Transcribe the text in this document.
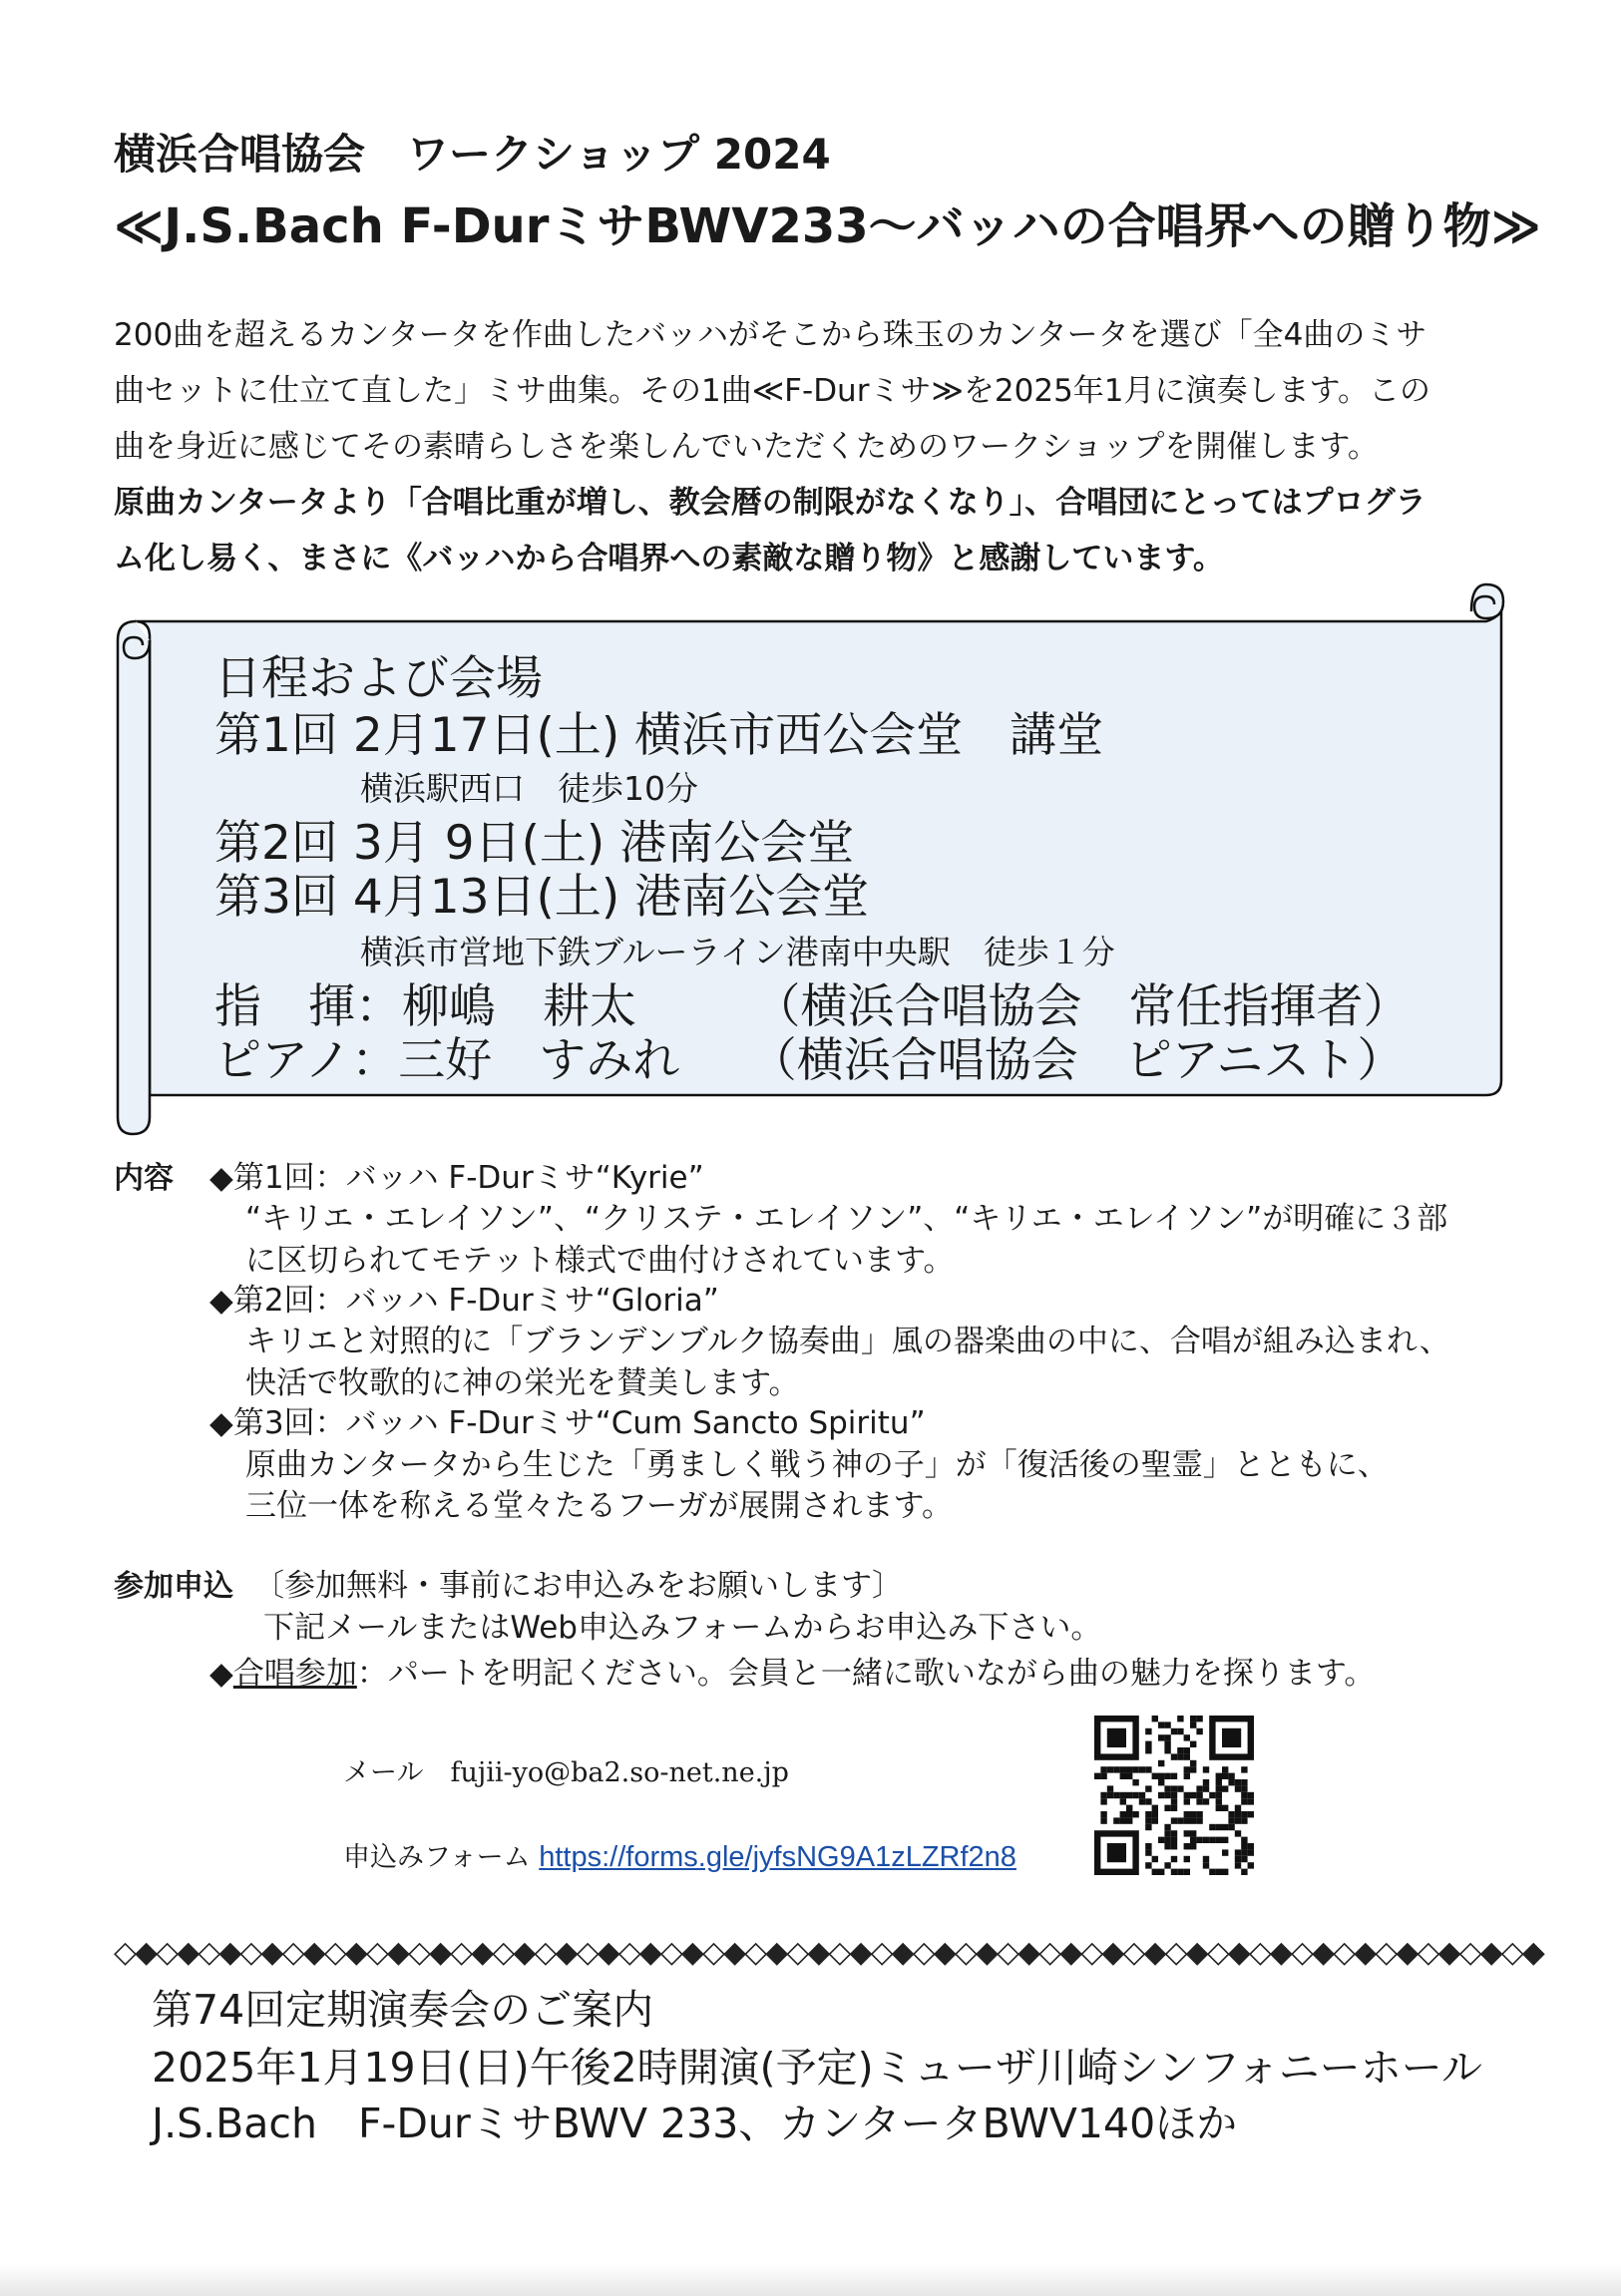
横浜合唱協会　ワークショップ 2024
≪J.S.Bach F-DurミサBWV233～バッハの合唱界への贈り物≫
200曲を超えるカンタータを作曲したバッハがそこから珠玉のカンタータを選び「全4曲のミサ
曲セットに仕立て直した」ミサ曲集。その1曲≪F-Durミサ≫を2025年1月に演奏します。この
曲を身近に感じてその素晴らしさを楽しんでいただくためのワークショップを開催します。
原曲カンタータより「合唱比重が増し、教会暦の制限がなくなり」、合唱団にとってはプログラ
ム化し易く、まさに《バッハから合唱界への素敵な贈り物》と感謝しています。
日程および会場
第1回 2月17日(土) 横浜市西公会堂　講堂
横浜駅西口　徒歩10分
第2回 3月 9日(土) 港南公会堂
第3回 4月13日(土) 港南公会堂
横浜市営地下鉄ブルーライン港南中央駅　徒歩１分
指　揮：柳嶋　耕太　　　（横浜合唱協会　常任指揮者）
ピアノ：三好　すみれ　　（横浜合唱協会　ピアニスト）
内容 ◆第1回：バッハ F-Durミサ“Kyrie”
“キリエ・エレイソン”、“クリステ・エレイソン”、“キリエ・エレイソン”が明確に３部
に区切られてモテット様式で曲付けされています。
◆第2回：バッハ F-Durミサ“Gloria”
キリエと対照的に「ブランデンブルク協奏曲」風の器楽曲の中に、合唱が組み込まれ、
快活で牧歌的に神の栄光を賛美します。
◆第3回：バッハ F-Durミサ“Cum Sancto Spiritu”
原曲カンタータから生じた「勇ましく戦う神の子」が「復活後の聖霊」とともに、
三位一体を称える堂々たるフーガが展開されます。
参加申込 〔参加無料・事前にお申込みをお願いします〕
下記メールまたはWeb申込みフォームからお申込み下さい。
◆合唱参加：パートを明記ください。会員と一緒に歌いながら曲の魅力を探ります。
メール　 fujii-yo@ba2.so-net.ne.jp
申込みフォーム https://forms.gle/jyfsNG9A1zLZRf2n8
◇◆◇◆◇◆◇◆◇◆◇◆◇◆◇◆◇◆◇◆◇◆◇◆◇◆◇◆◇◆◇◆◇◆◇◆◇◆◇◆◇◆◇◆◇◆◇◆◇◆◇◆◇◆◇◆◇◆◇◆◇◆◇◆◇◆◇◆
第74回定期演奏会のご案内
2025年1月19日(日)午後2時開演(予定)ミューザ川崎シンフォニーホール
J.S.Bach　F-DurミサBWV 233、カンタータBWV140ほか
